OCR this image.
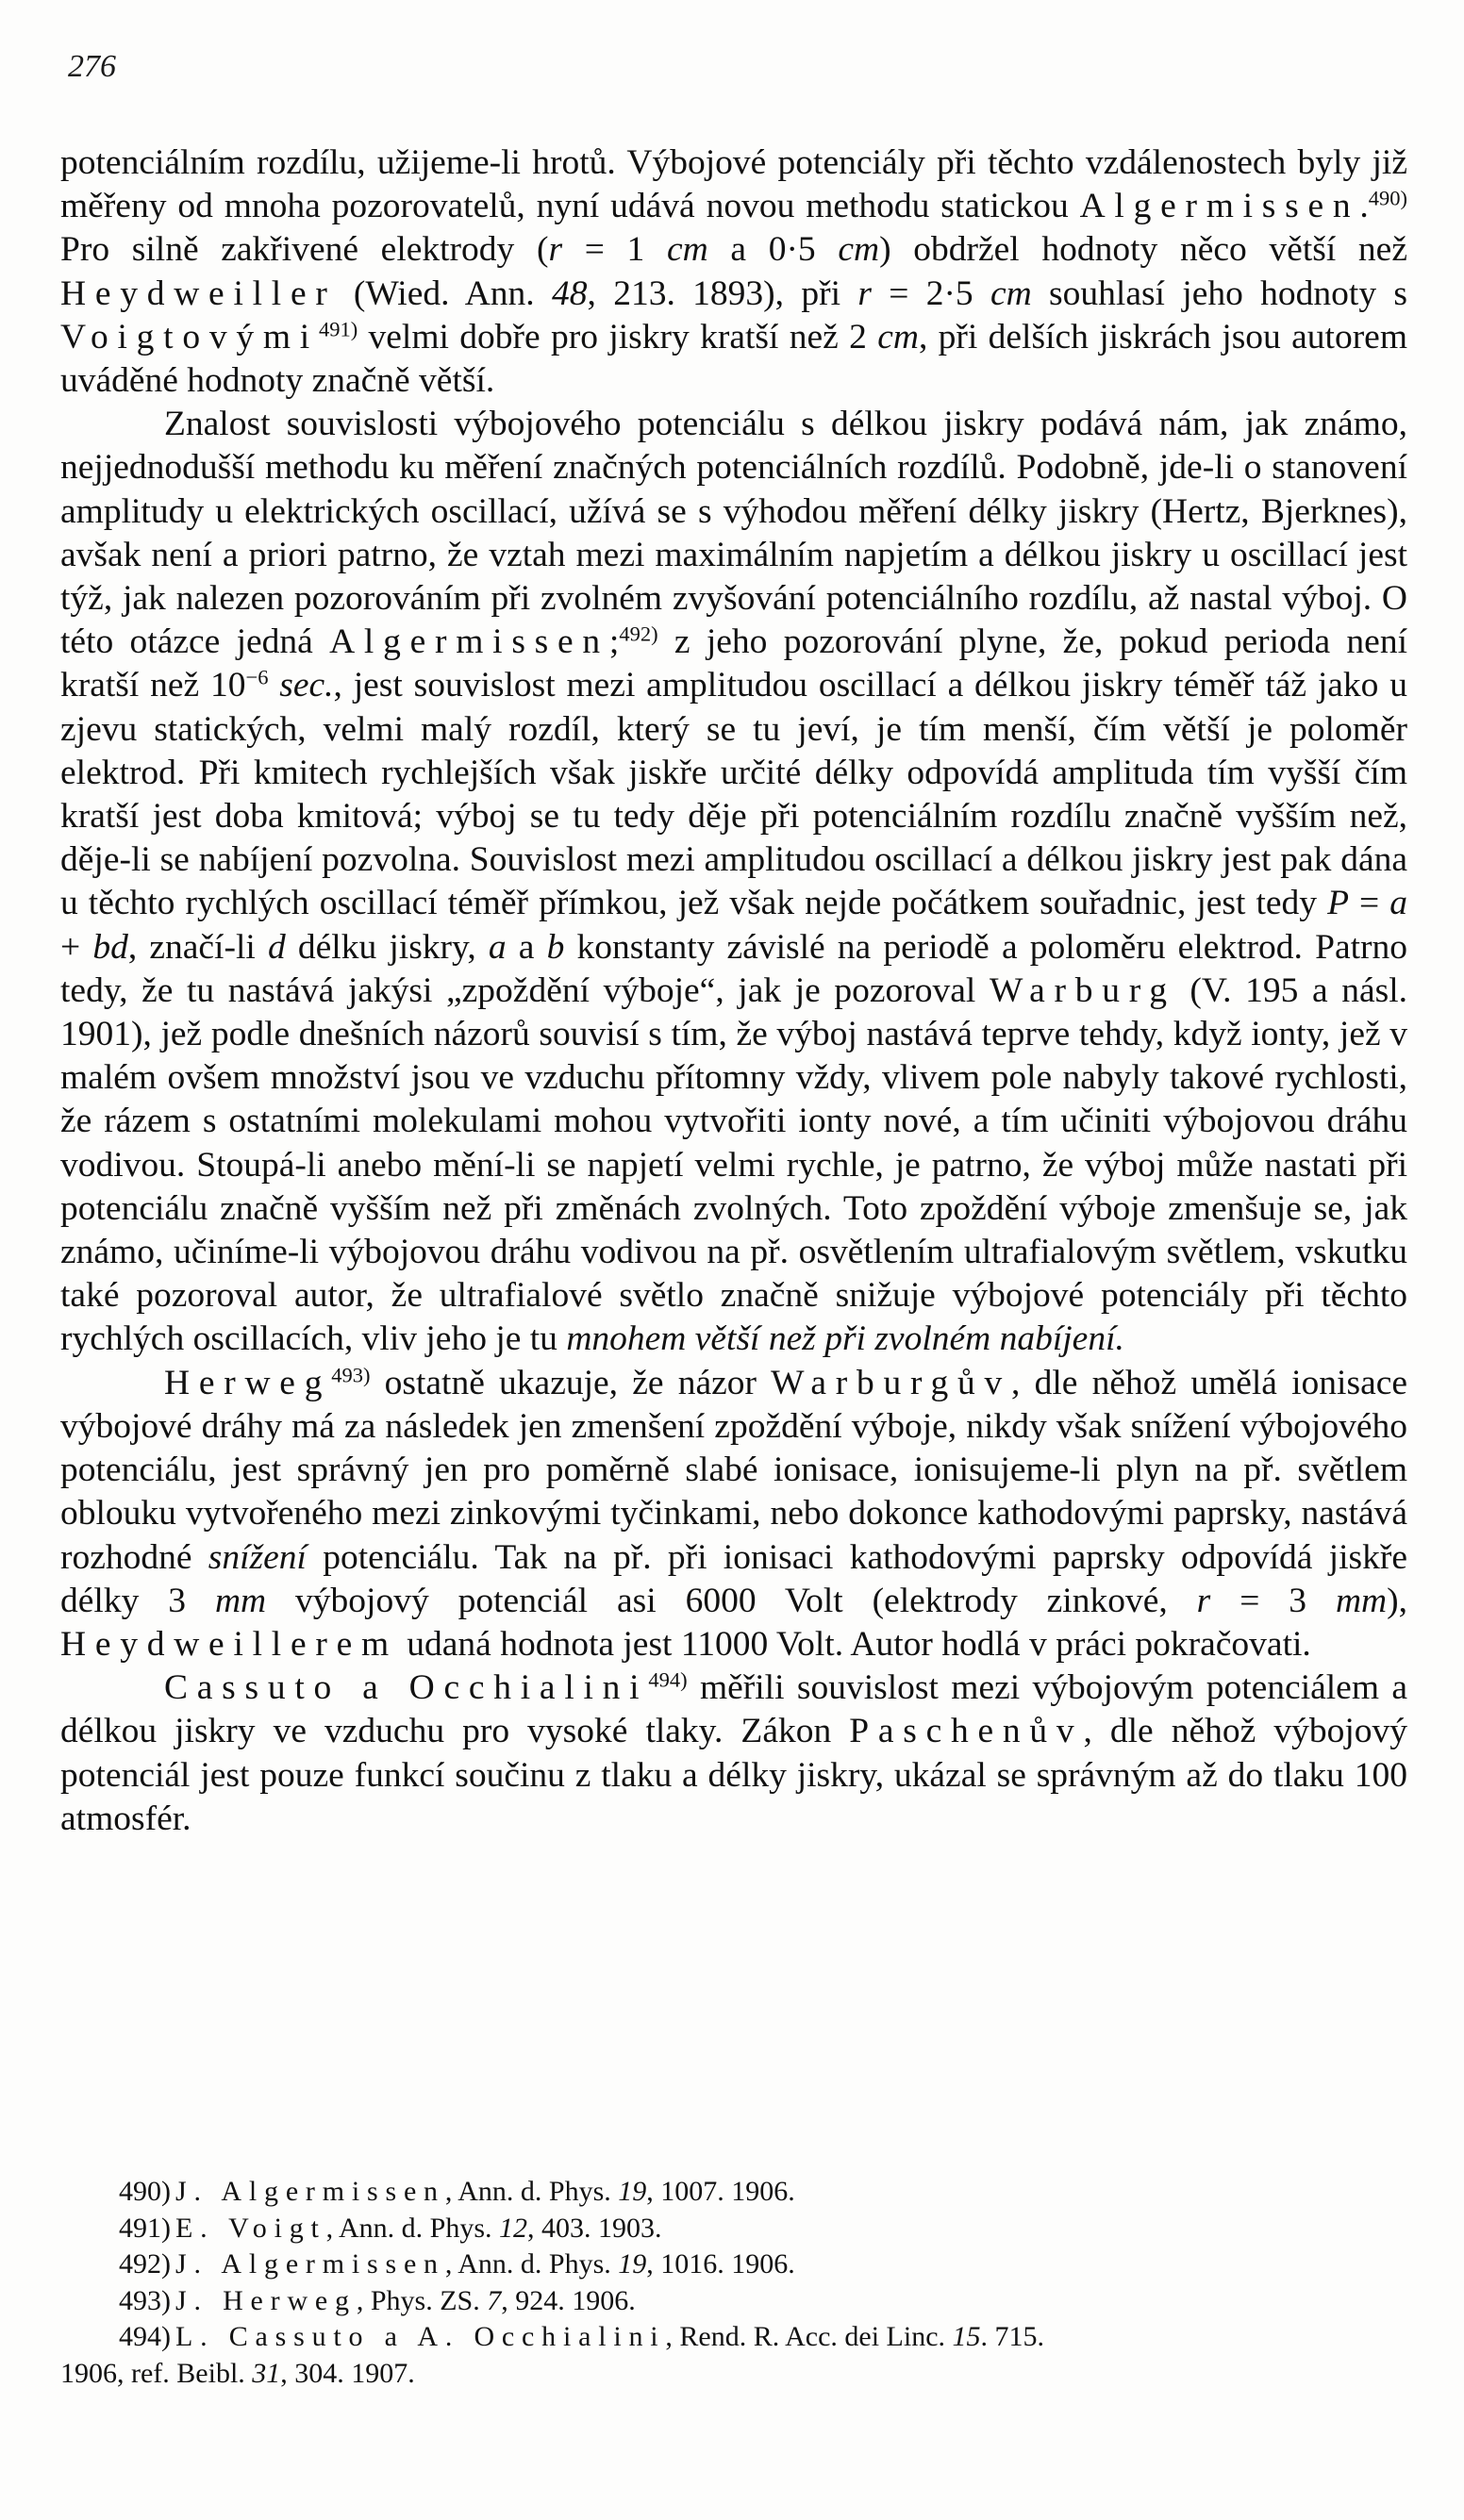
276

potenciálním rozdílu, užijeme-li hrotů. Výbojové potenciály při těchto vzdálenostech byly již měřeny od mnoha pozorovatelů, nyní udává novou methodu statickou Algermissen.$^{490)}$ Pro silně zakřivené elektrody (r = 1 cm a 0·5 cm) obdržel hodnoty něco větší než Heydweiller (Wied. Ann. 48, 213. 1893), při r = 2·5 cm souhlasí jeho hodnoty s Voigtovými$^{491)}$ velmi dobře pro jiskry kratší než 2 cm, při delších jiskrách jsou autorem uváděné hodnoty značně větší.

Znalost souvislosti výbojového potenciálu s délkou jiskry podává nám, jak známo, nejjednodušší methodu ku měření značných potenciálních rozdílů. Podobně, jde-li o stanovení amplitudy u elektrických oscillací, užívá se s výhodou měření délky jiskry (Hertz, Bjerknes), avšak není a priori patrno, že vztah mezi maximálním napjetím a délkou jiskry u oscillací jest týž, jak nalezen pozorováním při zvolném zvyšování potenciálního rozdílu, až nastal výboj. O této otázce jedná Algermissen;$^{492)}$ z jeho pozorování plyne, že, pokud perioda není kratší než $10^{-6}$ sec., jest souvislost mezi amplitudou oscillací a délkou jiskry téměř táž jako u zjevu statických, velmi malý rozdíl, který se tu jeví, je tím menší, čím větší je poloměr elektrod. Při kmitech rychlejších však jiskře určité délky odpovídá amplituda tím vyšší čím kratší jest doba kmitová; výboj se tu tedy děje při potenciálním rozdílu značně vyšším než, děje-li se nabíjení pozvolna. Souvislost mezi amplitudou oscillací a délkou jiskry jest pak dána u těchto rychlých oscillací téměř přímkou, jež však nejde počátkem souřadnic, jest tedy P = a + bd, značí-li d délku jiskry, a a b konstanty závislé na periodě a poloměru elektrod. Patrno tedy, že tu nastává jakýsi „zpoždění výboje“, jak je pozoroval Warburg (V. 195 a násl. 1901), jež podle dnešních názorů souvisí s tím, že výboj nastává teprve tehdy, když ionty, jež v malém ovšem množství jsou ve vzduchu přítomny vždy, vlivem pole nabyly takové rychlosti, že rázem s ostatními molekulami mohou vytvořiti ionty nové, a tím učiniti výbojovou dráhu vodivou. Stoupá-li anebo mění-li se napjetí velmi rychle, je patrno, že výboj může nastati při potenciálu značně vyšším než při změnách zvolných. Toto zpoždění výboje zmenšuje se, jak známo, učiníme-li výbojovou dráhu vodivou na př. osvětlením ultrafialovým světlem, vskutku také pozoroval autor, že ultrafialové světlo značně snižuje výbojové potenciály při těchto rychlých oscillacích, vliv jeho je tu mnohem větší než při zvolném nabíjení.

Herweg$^{493)}$ ostatně ukazuje, že názor Warburgův, dle něhož umělá ionisace výbojové dráhy má za následek jen zmenšení zpoždění výboje, nikdy však snížení výbojového potenciálu, jest správný jen pro poměrně slabé ionisace, ionisujeme-li plyn na př. světlem oblouku vytvořeného mezi zinkovými tyčinkami, nebo dokonce kathodovými paprsky, nastává rozhodné snížení potenciálu. Tak na př. při ionisaci kathodovými paprsky odpovídá jiskře délky 3 mm výbojový potenciál asi 6000 Volt (elektrody zinkové, r = 3 mm), Heydweillerem udaná hodnota jest 11000 Volt. Autor hodlá v práci pokračovati.

Cassuto a Occhialini$^{494)}$ měřili souvislost mezi výbojovým potenciálem a délkou jiskry ve vzduchu pro vysoké tlaky. Zákon Paschenův, dle něhož výbojový potenciál jest pouze funkcí součinu z tlaku a délky jiskry, ukázal se správným až do tlaku 100 atmosfér.

490) J. Algermissen, Ann. d. Phys. 19, 1007. 1906.

491) E. Voigt, Ann. d. Phys. 12, 403. 1903.

492) J. Algermissen, Ann. d. Phys. 19, 1016. 1906.

493) J. Herweg, Phys. ZS. 7, 924. 1906.

494) L. Cassuto a A. Occhialini, Rend. R. Acc. dei Linc. 15. 715.

1906, ref. Beibl. 31, 304. 1907.
